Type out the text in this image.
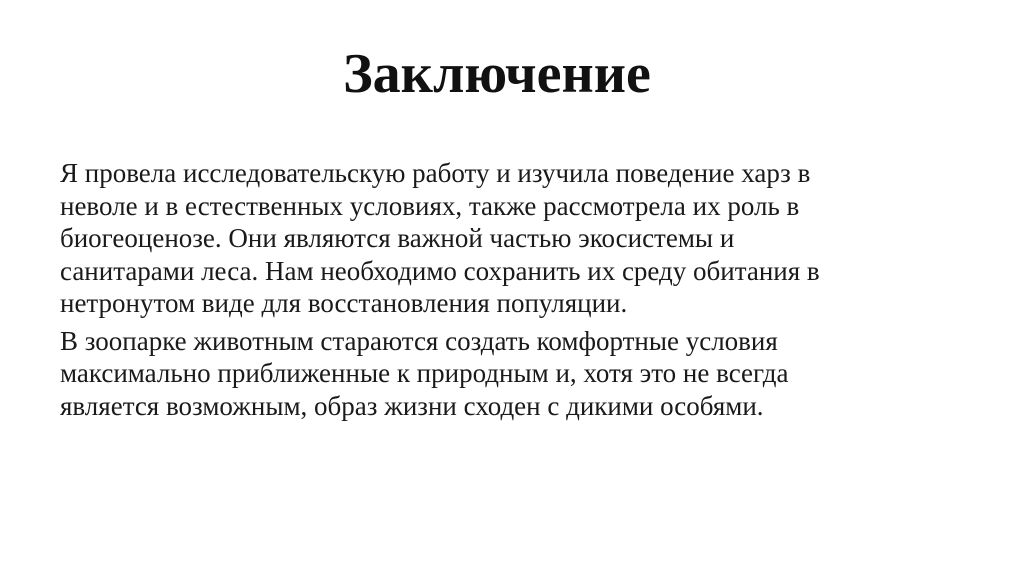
Заключение

Я провела исследовательскую работу и изучила поведение харз в
неволе и в естественных условиях, также рассмотрела их роль в
биогеоценозе. Они являются важной частью экосистемы и
санитарами леса. Нам необходимо сохранить их среду обитания в
нетронутом виде для восстановления популяции.

В зоопарке животным стараются создать комфортные условия
максимально приближенные к природным и, хотя это не всегда
является возможным, образ жизни сходен с дикими особями.
